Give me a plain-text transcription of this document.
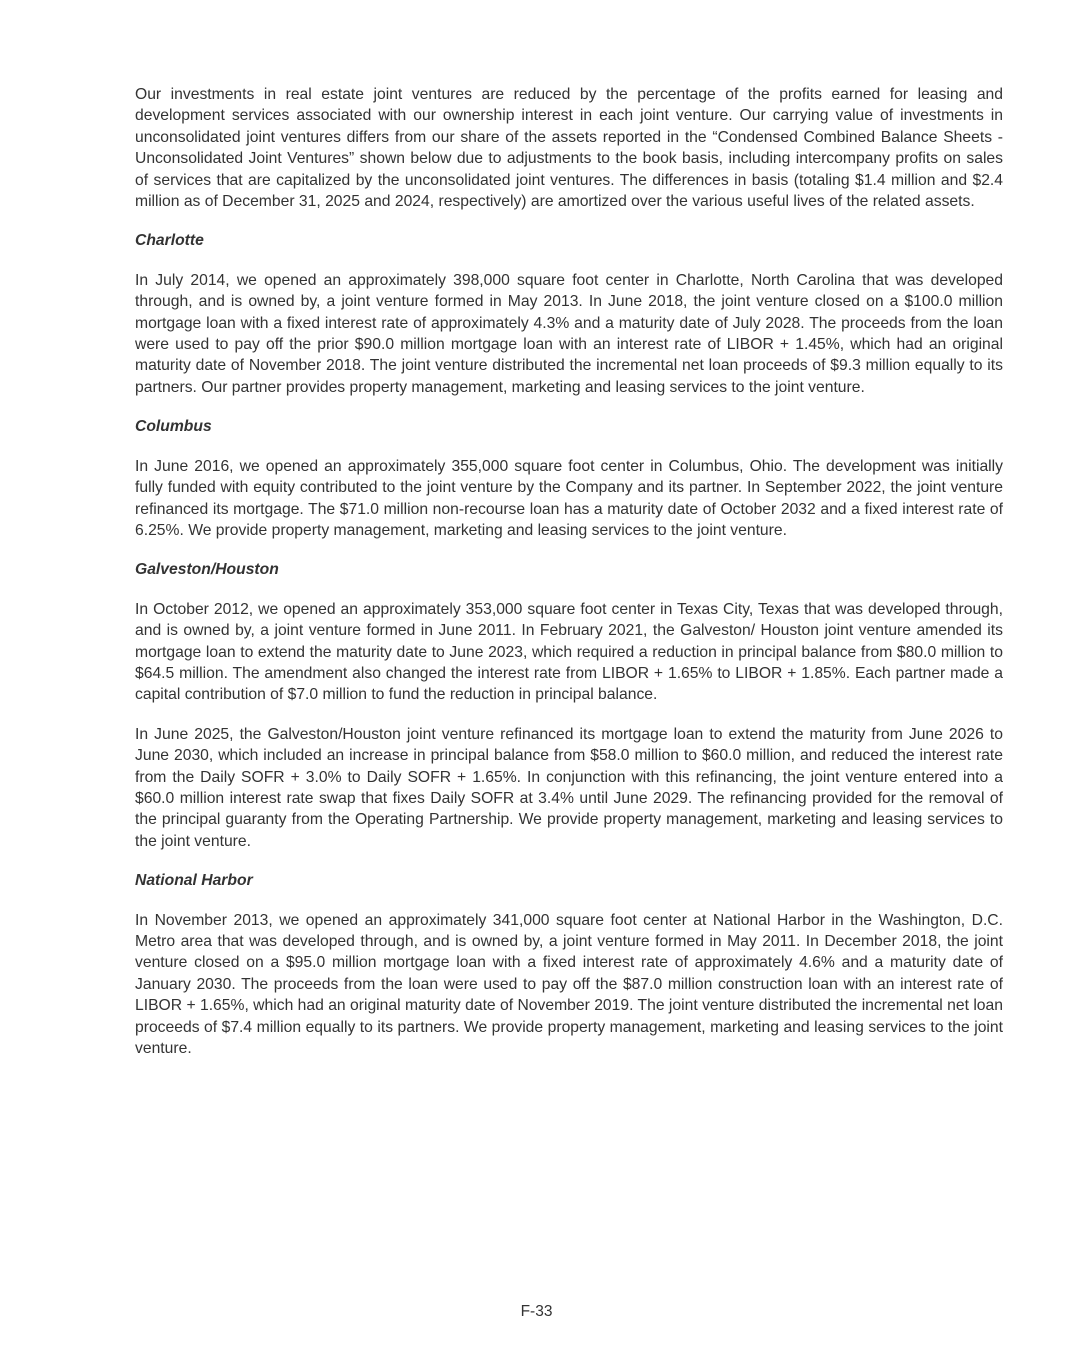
Our investments in real estate joint ventures are reduced by the percentage of the profits earned for leasing and development services associated with our ownership interest in each joint venture. Our carrying value of investments in unconsolidated joint ventures differs from our share of the assets reported in the “Condensed Combined Balance Sheets - Unconsolidated Joint Ventures” shown below due to adjustments to the book basis, including intercompany profits on sales of services that are capitalized by the unconsolidated joint ventures. The differences in basis (totaling $1.4 million and $2.4 million as of December 31, 2025 and 2024, respectively) are amortized over the various useful lives of the related assets.

Charlotte

In July 2014, we opened an approximately 398,000 square foot center in Charlotte, North Carolina that was developed through, and is owned by, a joint venture formed in May 2013. In June 2018, the joint venture closed on a $100.0 million mortgage loan with a fixed interest rate of approximately 4.3% and a maturity date of July 2028. The proceeds from the loan were used to pay off the prior $90.0 million mortgage loan with an interest rate of LIBOR + 1.45%, which had an original maturity date of November 2018. The joint venture distributed the incremental net loan proceeds of $9.3 million equally to its partners. Our partner provides property management, marketing and leasing services to the joint venture.

Columbus

In June 2016, we opened an approximately 355,000 square foot center in Columbus, Ohio. The development was initially fully funded with equity contributed to the joint venture by the Company and its partner. In September 2022, the joint venture refinanced its mortgage. The $71.0 million non-recourse loan has a maturity date of October 2032 and a fixed interest rate of 6.25%. We provide property management, marketing and leasing services to the joint venture.

Galveston/Houston

In October 2012, we opened an approximately 353,000 square foot center in Texas City, Texas that was developed through, and is owned by, a joint venture formed in June 2011. In February 2021, the Galveston/ Houston joint venture amended its mortgage loan to extend the maturity date to June 2023, which required a reduction in principal balance from $80.0 million to $64.5 million. The amendment also changed the interest rate from LIBOR + 1.65% to LIBOR + 1.85%. Each partner made a capital contribution of $7.0 million to fund the reduction in principal balance.

In June 2025, the Galveston/Houston joint venture refinanced its mortgage loan to extend the maturity from June 2026 to June 2030, which included an increase in principal balance from $58.0 million to $60.0 million, and reduced the interest rate from the Daily SOFR + 3.0% to Daily SOFR + 1.65%. In conjunction with this refinancing, the joint venture entered into a $60.0 million interest rate swap that fixes Daily SOFR at 3.4% until June 2029. The refinancing provided for the removal of the principal guaranty from the Operating Partnership. We provide property management, marketing and leasing services to the joint venture.

National Harbor

In November 2013, we opened an approximately 341,000 square foot center at National Harbor in the Washington, D.C. Metro area that was developed through, and is owned by, a joint venture formed in May 2011. In December 2018, the joint venture closed on a $95.0 million mortgage loan with a fixed interest rate of approximately 4.6% and a maturity date of January 2030. The proceeds from the loan were used to pay off the $87.0 million construction loan with an interest rate of LIBOR + 1.65%, which had an original maturity date of November 2019. The joint venture distributed the incremental net loan proceeds of $7.4 million equally to its partners. We provide property management, marketing and leasing services to the joint venture.

F-33
